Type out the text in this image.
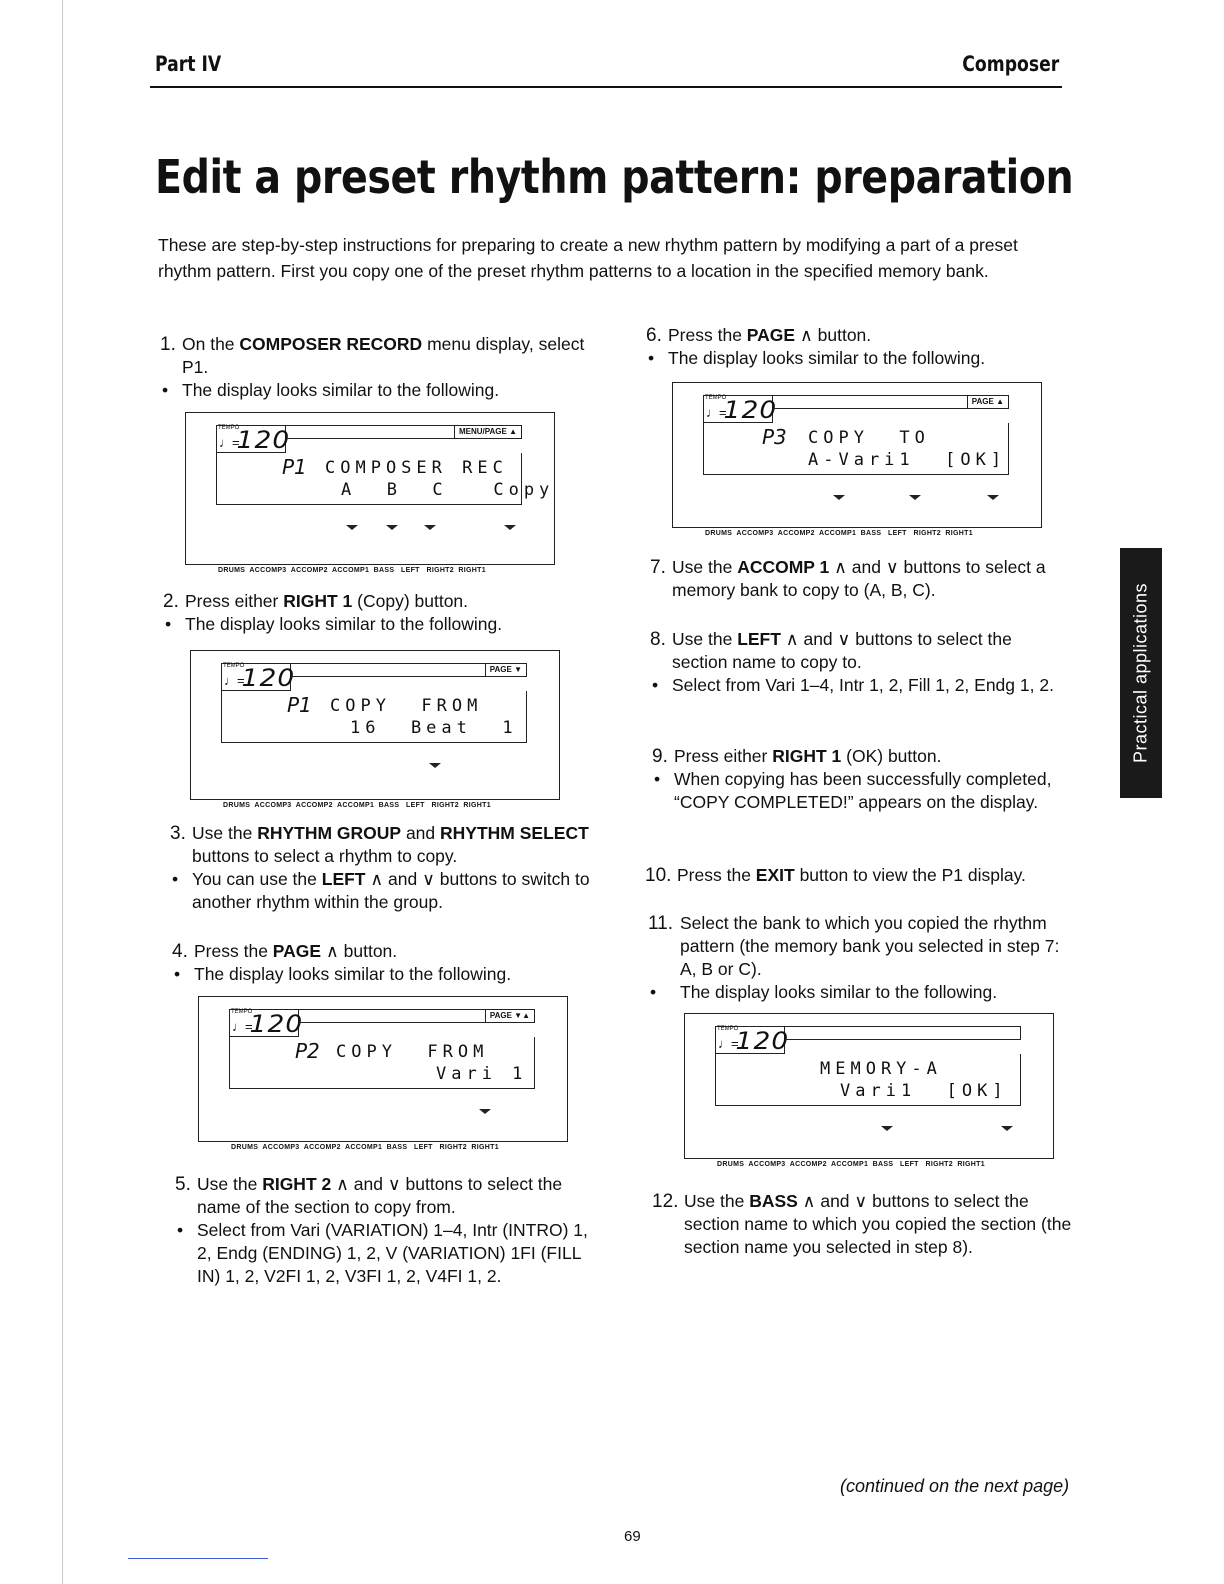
Part IV	Composer
Edit a preset rhythm pattern: preparation

These are step-by-step instructions for preparing to create a new rhythm pattern by modifying a part of a preset rhythm pattern. First you copy one of the preset rhythm patterns to a location in the specified memory bank.

1. On the COMPOSER RECORD menu display, select P1.

• The display looks similar to the following.

TEMPO
♩=
120	MENU/PAGE ▲
P1 COMPOSER REC
A  B  C   Copy
DRUMS  ACCOMP3  ACCOMP2  ACCOMP1  BASS   LEFT   RIGHT2  RIGHT1

2. Press either RIGHT 1 (Copy) button.

• The display looks similar to the following.

TEMPO
♩=
120	PAGE ▼
P1 COPY  FROM
16  Beat  1
DRUMS  ACCOMP3  ACCOMP2  ACCOMP1  BASS   LEFT   RIGHT2  RIGHT1

3. Use the RHYTHM GROUP and RHYTHM SELECT buttons to select a rhythm to copy.

• You can use the LEFT ∧ and ∨ buttons to switch to another rhythm within the group.

4. Press the PAGE ∧ button.

• The display looks similar to the following.

TEMPO
♩=
120	PAGE ▼▲
P2 COPY  FROM
Vari 1
DRUMS  ACCOMP3  ACCOMP2  ACCOMP1  BASS   LEFT   RIGHT2  RIGHT1

5. Use the RIGHT 2 ∧ and ∨ buttons to select the name of the section to copy from.

• Select from Vari (VARIATION) 1–4, Intr (INTRO) 1, 2, Endg (ENDING) 1, 2, V (VARIATION) 1FI (FILL IN) 1, 2, V2FI 1, 2, V3FI 1, 2, V4FI 1, 2.

6. Press the PAGE ∧ button.

• The display looks similar to the following.

TEMPO
♩=
120	PAGE ▲
P3 COPY  TO
A-Vari1  [OK]
DRUMS  ACCOMP3  ACCOMP2  ACCOMP1  BASS   LEFT   RIGHT2  RIGHT1

7. Use the ACCOMP 1 ∧ and ∨ buttons to select a memory bank to copy to (A, B, C).

8. Use the LEFT ∧ and ∨ buttons to select the section name to copy to.

• Select from Vari 1–4, Intr 1, 2, Fill 1, 2, Endg 1, 2.

9. Press either RIGHT 1 (OK) button.

• When copying has been successfully completed, “COPY COMPLETED!” appears on the display.

10. Press the EXIT button to view the P1 display.

11. Select the bank to which you copied the rhythm pattern (the memory bank you selected in step 7: A, B or C).

• The display looks similar to the following.

TEMPO
♩=
120
MEMORY-A
Vari1  [OK]
DRUMS  ACCOMP3  ACCOMP2  ACCOMP1  BASS   LEFT   RIGHT2  RIGHT1

12. Use the BASS ∧ and ∨ buttons to select the section name to which you copied the section (the section name you selected in step 8).

Practical applications
(continued on the next page)
69
